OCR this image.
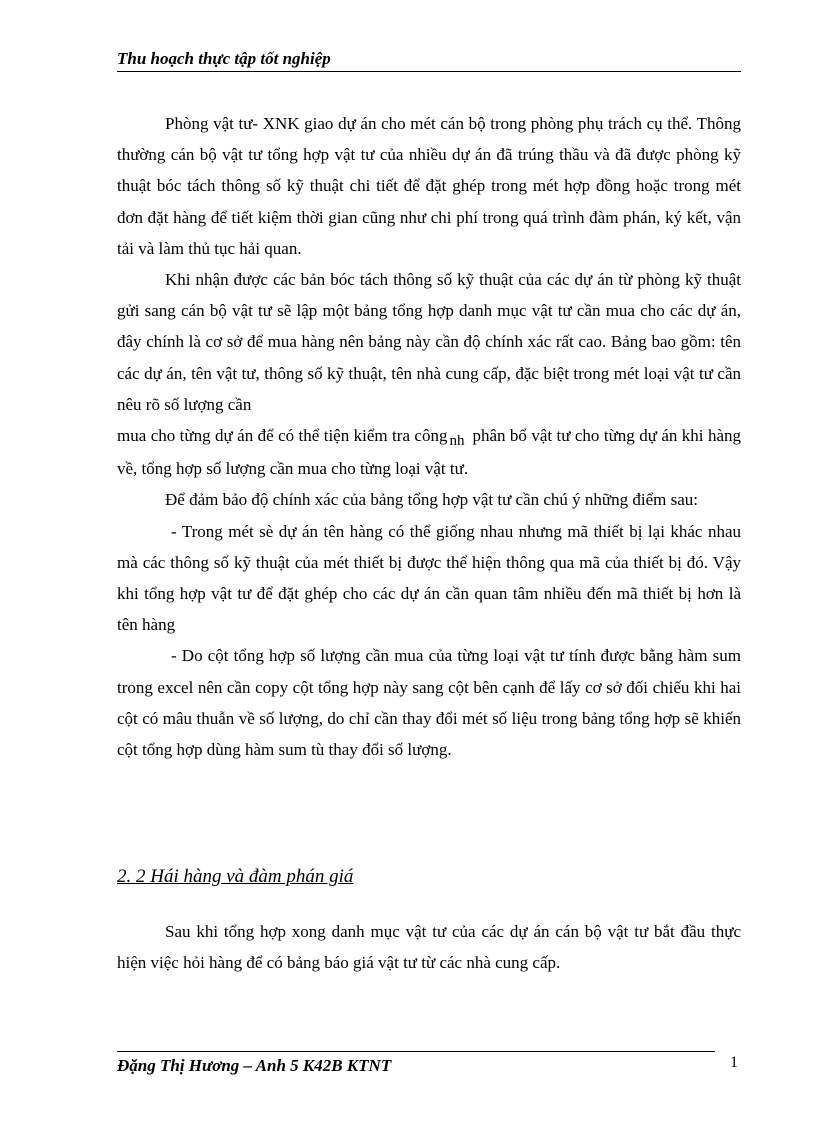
Thu hoạch thực tập tốt nghiệp

Phòng vật tư- XNK giao dự án cho mét cán bộ trong phòng phụ trách cụ thể. Thông thường cán bộ vật tư tổng hợp vật tư của nhiều dự án đã trúng thầu và đã được phòng kỹ thuật bóc tách thông số kỹ thuật chi tiết để đặt ghép trong mét hợp đồng hoặc trong mét đơn đặt hàng để tiết kiệm thời gian cũng như chi phí trong quá trình đàm phán, ký kết, vận tải và làm thủ tục hải quan.

Khi nhận được các bản bóc tách thông số kỹ thuật của các dự án từ phòng kỹ thuật gửi sang cán bộ vật tư sẽ lập một bảng tổng hợp danh mục vật tư cần mua cho các dự án, đây chính là cơ sở để mua hàng nên bảng này cần độ chính xác rất cao. Bảng bao gồm: tên các dự án, tên vật tư, thông số kỹ thuật, tên nhà cung cấp, đặc biệt trong mét loại vật tư cần nêu rõ số lượng cần

mua cho từng dự án để có thể tiện kiểm tra công nh phân bổ vật tư cho từng dự án khi hàng về, tổng hợp số lượng cần mua cho từng loại vật tư.

Để đảm bảo độ chính xác của bảng tổng hợp vật tư cần chú ý những điểm sau:

- Trong mét sè dự án tên hàng có thể giống nhau nhưng mã thiết bị lại khác nhau mà các thông số kỹ thuật của mét thiết bị được thể hiện thông qua mã của thiết bị đó. Vậy khi tổng hợp vật tư để đặt ghép cho các dự án cần quan tâm nhiều đến mã thiết bị hơn là tên hàng

- Do cột tổng hợp số lượng cần mua của từng loại vật tư tính được bằng hàm sum trong excel nên cần copy cột tổng hợp này sang cột bên cạnh để lấy cơ sở đối chiếu khi hai cột có mâu thuẫn về số lượng, do chỉ cần thay đổi mét số liệu trong bảng tổng hợp sẽ khiến cột tổng hợp dùng hàm sum tù thay đổi số lượng.

2. 2 Hái hàng và đàm phán giá

Sau khi tổng hợp xong danh mục vật tư của các dự án cán bộ vật tư bắt đầu thực hiện việc hỏi hàng để có bảng báo giá vật tư từ các nhà cung cấp.

Đặng Thị Hương – Anh 5 K42B KTNT	1
